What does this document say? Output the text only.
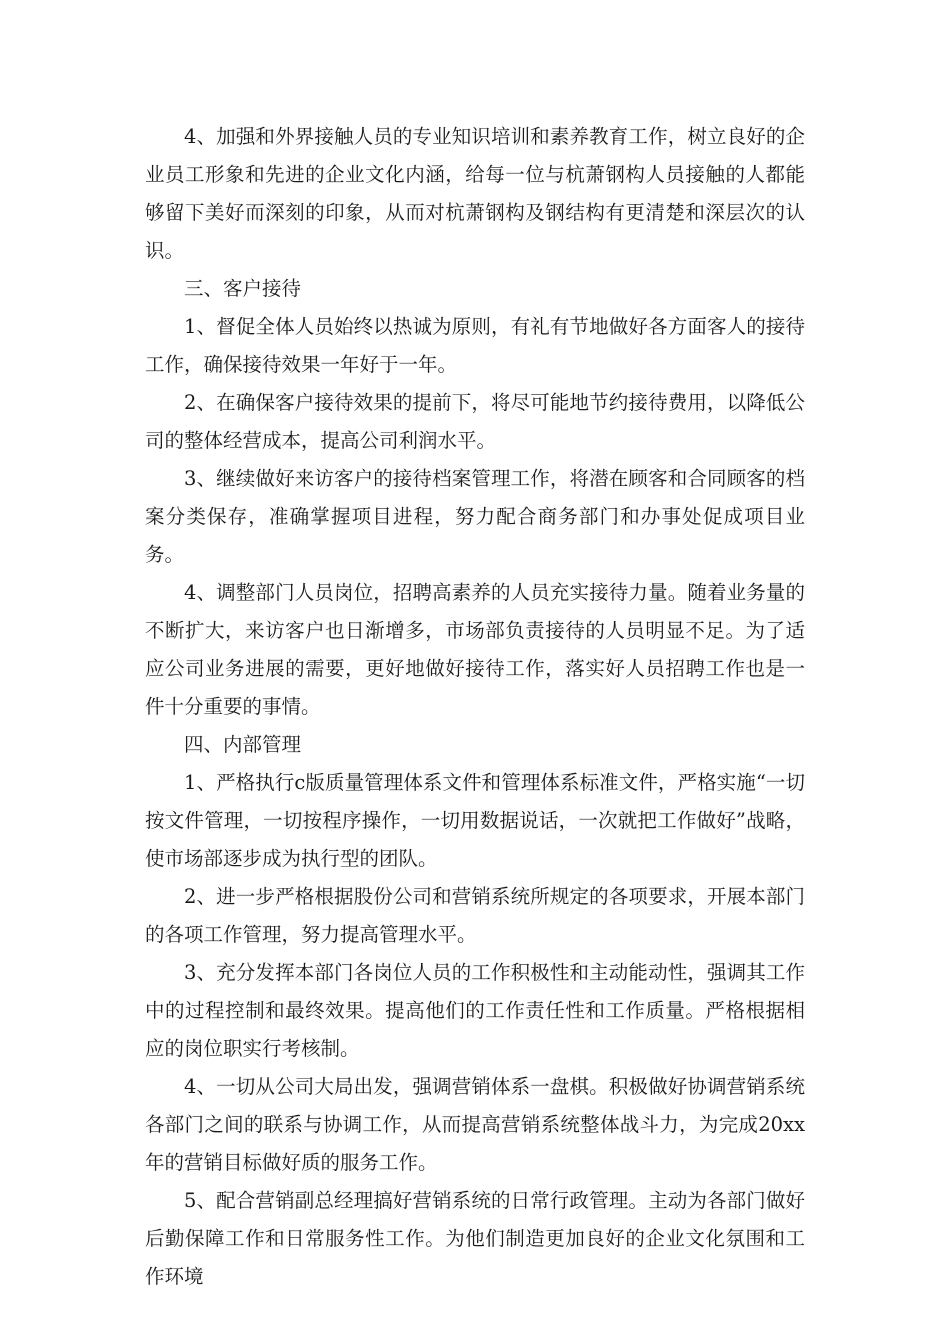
4、加强和外界接触人员的专业知识培训和素养教育工作，树立良好的企业员工形象和先进的企业文化内涵，给每一位与杭萧钢构人员接触的人都能够留下美好而深刻的印象，从而对杭萧钢构及钢结构有更清楚和深层次的认识。

三、客户接待

1、督促全体人员始终以热诚为原则，有礼有节地做好各方面客人的接待工作，确保接待效果一年好于一年。

2、在确保客户接待效果的提前下，将尽可能地节约接待费用，以降低公司的整体经营成本，提高公司利润水平。

3、继续做好来访客户的接待档案管理工作，将潜在顾客和合同顾客的档案分类保存，准确掌握项目进程，努力配合商务部门和办事处促成项目业务。

4、调整部门人员岗位，招聘高素养的人员充实接待力量。随着业务量的不断扩大，来访客户也日渐增多，市场部负责接待的人员明显不足。为了适应公司业务进展的需要，更好地做好接待工作，落实好人员招聘工作也是一件十分重要的事情。

四、内部管理

1、严格执行c版质量管理体系文件和管理体系标准文件，严格实施“一切按文件管理，一切按程序操作，一切用数据说话，一次就把工作做好”战略，使市场部逐步成为执行型的团队。

2、进一步严格根据股份公司和营销系统所规定的各项要求，开展本部门的各项工作管理，努力提高管理水平。

3、充分发挥本部门各岗位人员的工作积极性和主动能动性，强调其工作中的过程控制和最终效果。提高他们的工作责任性和工作质量。严格根据相应的岗位职实行考核制。

4、一切从公司大局出发，强调营销体系一盘棋。积极做好协调营销系统各部门之间的联系与协调工作，从而提高营销系统整体战斗力，为完成20xx年的营销目标做好质的服务工作。

5、配合营销副总经理搞好营销系统的日常行政管理。主动为各部门做好后勤保障工作和日常服务性工作。为他们制造更加良好的企业文化氛围和工作环境
